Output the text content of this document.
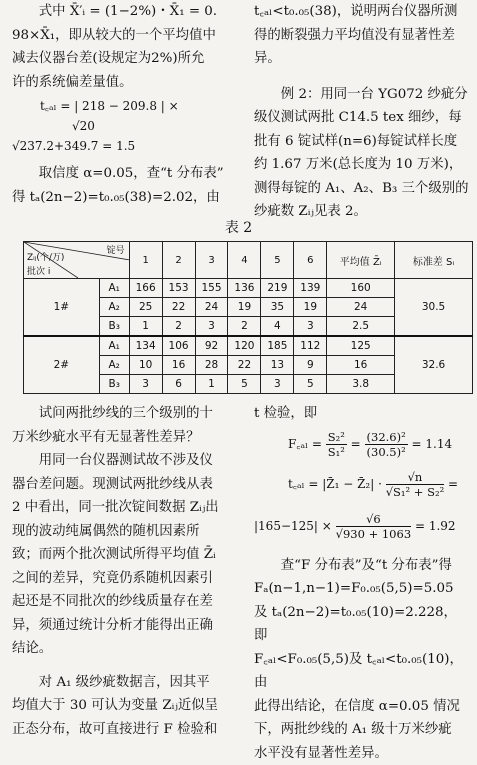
式中 X̄′ᵢ = (1−2%)・X̄₁ = 0.

98×X̄₁，即从较大的一个平均值中

减去仪器台差(设规定为2%)所允

许的系统偏差量值。

t꜀ₐₗ = | 218 − 209.8 | ×
√20
√237.2+349.7 = 1.5

取信度 α=0.05，查“t 分布表”

得 tₐ(2n−2)=t₀.₀₅(38)=2.02，由

t꜀ₐₗ<t₀.₀₅(38)，说明两台仪器所测

得的断裂强力平均值没有显著性差

异。

例 2：用同一台 YG072 纱疵分

级仪测试两批 C14.5 tex 细纱，每

批有 6 锭试样(n=6)每锭试样长度

约 1.67 万米(总长度为 10 万米)，

测得每锭的 A₁、A₂、B₃ 三个级别的

纱疵数 Zᵢⱼ见表 2。

表 2
锭号
Zᵢⱼ(个/万)
批次 i		1	2	3	4	5	6	平均值 Z̄ᵢ	标准差 Sᵢ
1#	A₁	166	153	155	136	219	139	160	30.5
	A₂	25	22	24	19	35	19	24	
	B₃	1	2	3	2	4	3	2.5	
2#	A₁	134	106	92	120	185	112	125	32.6
	A₂	10	16	28	22	13	9	16	
	B₃	3	6	1	5	3	5	3.8	

试问两批纱线的三个级别的十

万米纱疵水平有无显著性差异？

用同一台仪器测试故不涉及仪

器台差问题。现测试两批纱线从表

2 中看出，同一批次锭间数据 Zᵢⱼ出

现的波动纯属偶然的随机因素所

致；而两个批次测试所得平均值 Z̄ᵢ

之间的差异，究竟仍系随机因素引

起还是不同批次的纱线质量存在差

异，须通过统计分析才能得出正确

结论。

对 A₁ 级纱疵数据言，因其平

均值大于 30 可认为变量 Zᵢⱼ近似呈

正态分布，故可直接进行 F 检验和

t 检验，即

F꜀ₐₗ = $\frac{\text{S₂²}}{\text{S₁²}} = \frac{\text{(32.6)²}}{\text{(30.5)²}} = 1.14$
t꜀ₐₗ = |Z̄₁ − Z̄₂| · $\frac{√n}{\text{√S₁² + S₂²}}$ =
$|165-125| \times \frac{√6}{√930 + 1063} = 1.92$

查“F 分布表”及“t 分布表”得

Fₐ(n−1,n−1)=F₀.₀₅(5,5)=5.05

及 tₐ(2n−2)=t₀.₀₅(10)=2.228，即

F꜀ₐₗ<F₀.₀₅(5,5)及 t꜀ₐₗ<t₀.₀₅(10)，由

此得出结论，在信度 α=0.05 情况

下，两批纱线的 A₁ 级十万米纱疵

水平没有显著性差异。
